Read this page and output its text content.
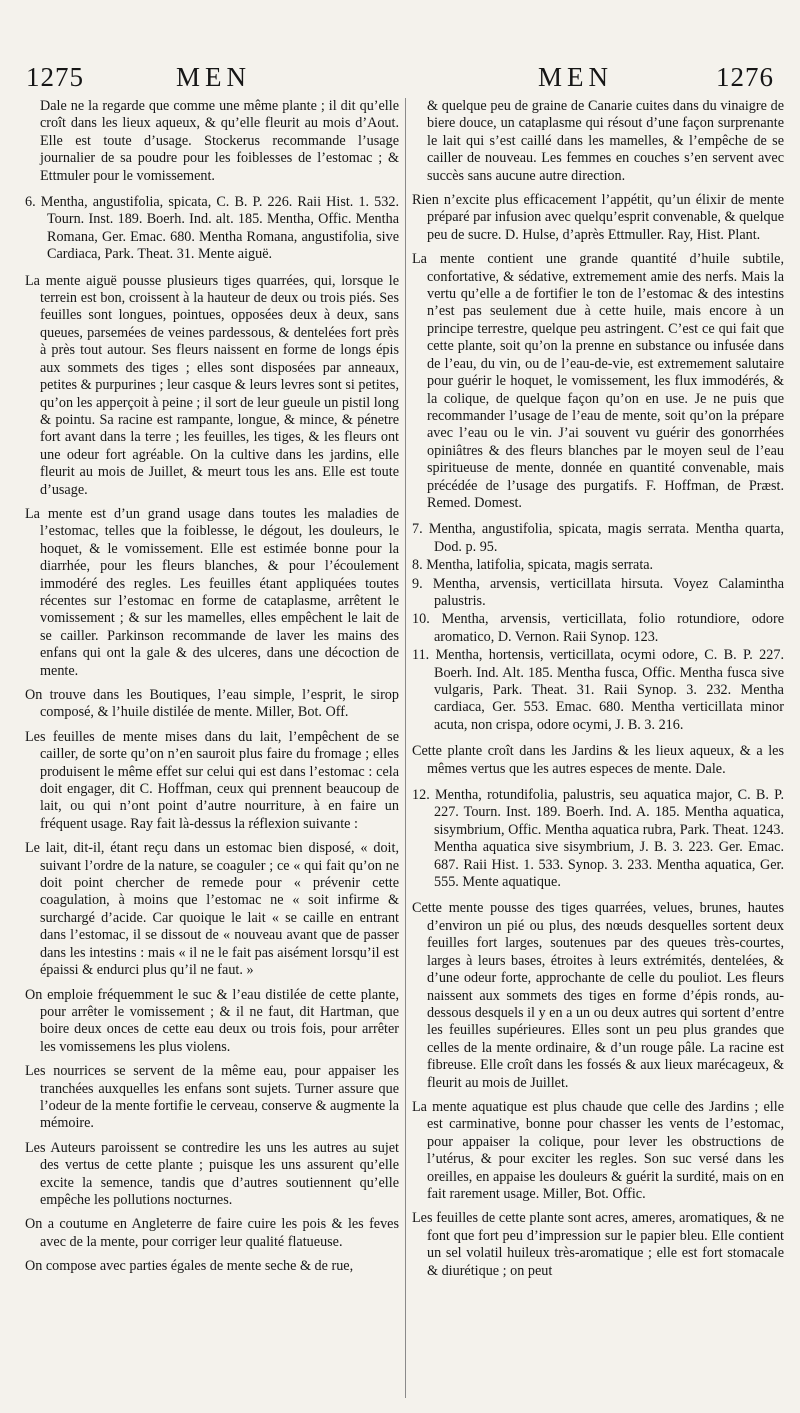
1275	MEN	MEN	1276

Dale ne la regarde que comme une même plante ; il dit qu’elle croît dans les lieux aqueux, & qu’elle fleurit au mois d’Aout. Elle est toute d’usage. Stockerus recommande l’usage journalier de sa poudre pour les foiblesses de l’estomac ; & Ettmuler pour le vomissement.

6. Mentha, angustifolia, spicata, C. B. P. 226. Raii Hist. 1. 532. Tourn. Inst. 189. Boerh. Ind. alt. 185. Mentha, Offic. Mentha Romana, Ger. Emac. 680. Mentha Romana, angustifolia, sive Cardiaca, Park. Theat. 31. Mente aiguë.

La mente aiguë pousse plusieurs tiges quarrées, qui, lorsque le terrein est bon, croissent à la hauteur de deux ou trois piés. Ses feuilles sont longues, pointues, opposées deux à deux, sans queues, parsemées de veines pardessous, & dentelées fort près à près tout autour. Ses fleurs naissent en forme de longs épis aux sommets des tiges ; elles sont disposées par anneaux, petites & purpurines ; leur casque & leurs levres sont si petites, qu’on les apperçoit à peine ; il sort de leur gueule un pistil long & pointu. Sa racine est rampante, longue, & mince, & pénetre fort avant dans la terre ; les feuilles, les tiges, & les fleurs ont une odeur fort agréable. On la cultive dans les jardins, elle fleurit au mois de Juillet, & meurt tous les ans. Elle est toute d’usage.

La mente est d’un grand usage dans toutes les maladies de l’estomac, telles que la foiblesse, le dégout, les douleurs, le hoquet, & le vomissement. Elle est estimée bonne pour la diarrhée, pour les fleurs blanches, & pour l’écoulement immodéré des regles. Les feuilles étant appliquées toutes récentes sur l’estomac en forme de cataplasme, arrêtent le vomissement ; & sur les mamelles, elles empêchent le lait de se cailler. Parkinson recommande de laver les mains des enfans qui ont la gale & des ulceres, dans une décoction de mente.

On trouve dans les Boutiques, l’eau simple, l’esprit, le sirop composé, & l’huile distilée de mente. Miller, Bot. Off.

Les feuilles de mente mises dans du lait, l’empêchent de se cailler, de sorte qu’on n’en sauroit plus faire du fromage ; elles produisent le même effet sur celui qui est dans l’estomac : cela doit engager, dit C. Hoffman, ceux qui prennent beaucoup de lait, ou qui n’ont point d’autre nourriture, à en faire un fréquent usage. Ray fait là-dessus la réflexion suivante :

Le lait, dit-il, étant reçu dans un estomac bien disposé, « doit, suivant l’ordre de la nature, se coaguler ; ce « qui fait qu’on ne doit point chercher de remede pour « prévenir cette coagulation, à moins que l’estomac ne « soit infirme & surchargé d’acide. Car quoique le lait « se caille en entrant dans l’estomac, il se dissout de « nouveau avant que de passer dans les intestins : mais « il ne le fait pas aisément lorsqu’il est épaissi & endurci plus qu’il ne faut. »

On emploie fréquemment le suc & l’eau distilée de cette plante, pour arrêter le vomissement ; & il ne faut, dit Hartman, que boire deux onces de cette eau deux ou trois fois, pour arrêter les vomissemens les plus violens.

Les nourrices se servent de la même eau, pour appaiser les tranchées auxquelles les enfans sont sujets. Turner assure que l’odeur de la mente fortifie le cerveau, conserve & augmente la mémoire.

Les Auteurs paroissent se contredire les uns les autres au sujet des vertus de cette plante ; puisque les uns assurent qu’elle excite la semence, tandis que d’autres soutiennent qu’elle empêche les pollutions nocturnes.

On a coutume en Angleterre de faire cuire les pois & les feves avec de la mente, pour corriger leur qualité flatueuse.

On compose avec parties égales de mente seche & de rue,

& quelque peu de graine de Canarie cuites dans du vinaigre de biere douce, un cataplasme qui résout d’une façon surprenante le lait qui s’est caillé dans les mamelles, & l’empêche de se cailler de nouveau. Les femmes en couches s’en servent avec succès sans aucune autre direction.

Rien n’excite plus efficacement l’appétit, qu’un élixir de mente préparé par infusion avec quelqu’esprit convenable, & quelque peu de sucre. D. Hulse, d’après Ettmuller. Ray, Hist. Plant.

La mente contient une grande quantité d’huile subtile, confortative, & sédative, extremement amie des nerfs. Mais la vertu qu’elle a de fortifier le ton de l’estomac & des intestins n’est pas seulement due à cette huile, mais encore à un principe terrestre, quelque peu astringent. C’est ce qui fait que cette plante, soit qu’on la prenne en substance ou infusée dans de l’eau, du vin, ou de l’eau-de-vie, est extremement salutaire pour guérir le hoquet, le vomissement, les flux immodérés, & la colique, de quelque façon qu’on en use. Je ne puis que recommander l’usage de l’eau de mente, soit qu’on la prépare avec l’eau ou le vin. J’ai souvent vu guérir des gonorrhées opiniâtres & des fleurs blanches par le moyen seul de l’eau spiritueuse de mente, donnée en quantité convenable, mais précédée de l’usage des purgatifs. F. Hoffman, de Præst. Remed. Domest.

7. Mentha, angustifolia, spicata, magis serrata. Mentha quarta, Dod. p. 95.

8. Mentha, latifolia, spicata, magis serrata.

9. Mentha, arvensis, verticillata hirsuta. Voyez Calamintha palustris.

10. Mentha, arvensis, verticillata, folio rotundiore, odore aromatico, D. Vernon. Raii Synop. 123.

11. Mentha, hortensis, verticillata, ocymi odore, C. B. P. 227. Boerh. Ind. Alt. 185. Mentha fusca, Offic. Mentha fusca sive vulgaris, Park. Theat. 31. Raii Synop. 3. 232. Mentha cardiaca, Ger. 553. Emac. 680. Mentha verticillata minor acuta, non crispa, odore ocymi, J. B. 3. 216.

Cette plante croît dans les Jardins & les lieux aqueux, & a les mêmes vertus que les autres especes de mente. Dale.

12. Mentha, rotundifolia, palustris, seu aquatica major, C. B. P. 227. Tourn. Inst. 189. Boerh. Ind. A. 185. Mentha aquatica, sisymbrium, Offic. Mentha aquatica rubra, Park. Theat. 1243. Mentha aquatica sive sisymbrium, J. B. 3. 223. Ger. Emac. 687. Raii Hist. 1. 533. Synop. 3. 233. Mentha aquatica, Ger. 555. Mente aquatique.

Cette mente pousse des tiges quarrées, velues, brunes, hautes d’environ un pié ou plus, des nœuds desquelles sortent deux feuilles fort larges, soutenues par des queues très-courtes, larges à leurs bases, étroites à leurs extrémités, dentelées, & d’une odeur forte, approchante de celle du pouliot. Les fleurs naissent aux sommets des tiges en forme d’épis ronds, au-dessous desquels il y en a un ou deux autres qui sortent d’entre les feuilles supérieures. Elles sont un peu plus grandes que celles de la mente ordinaire, & d’un rouge pâle. La racine est fibreuse. Elle croît dans les fossés & aux lieux marécageux, & fleurit au mois de Juillet.

La mente aquatique est plus chaude que celle des Jardins ; elle est carminative, bonne pour chasser les vents de l’estomac, pour appaiser la colique, pour lever les obstructions de l’utérus, & pour exciter les regles. Son suc versé dans les oreilles, en appaise les douleurs & guérit la surdité, mais on en fait rarement usage. Miller, Bot. Offic.

Les feuilles de cette plante sont acres, ameres, aromatiques, & ne font que fort peu d’impression sur le papier bleu. Elle contient un sel volatil huileux très-aromatique ; elle est fort stomacale & diurétique ; on peut
